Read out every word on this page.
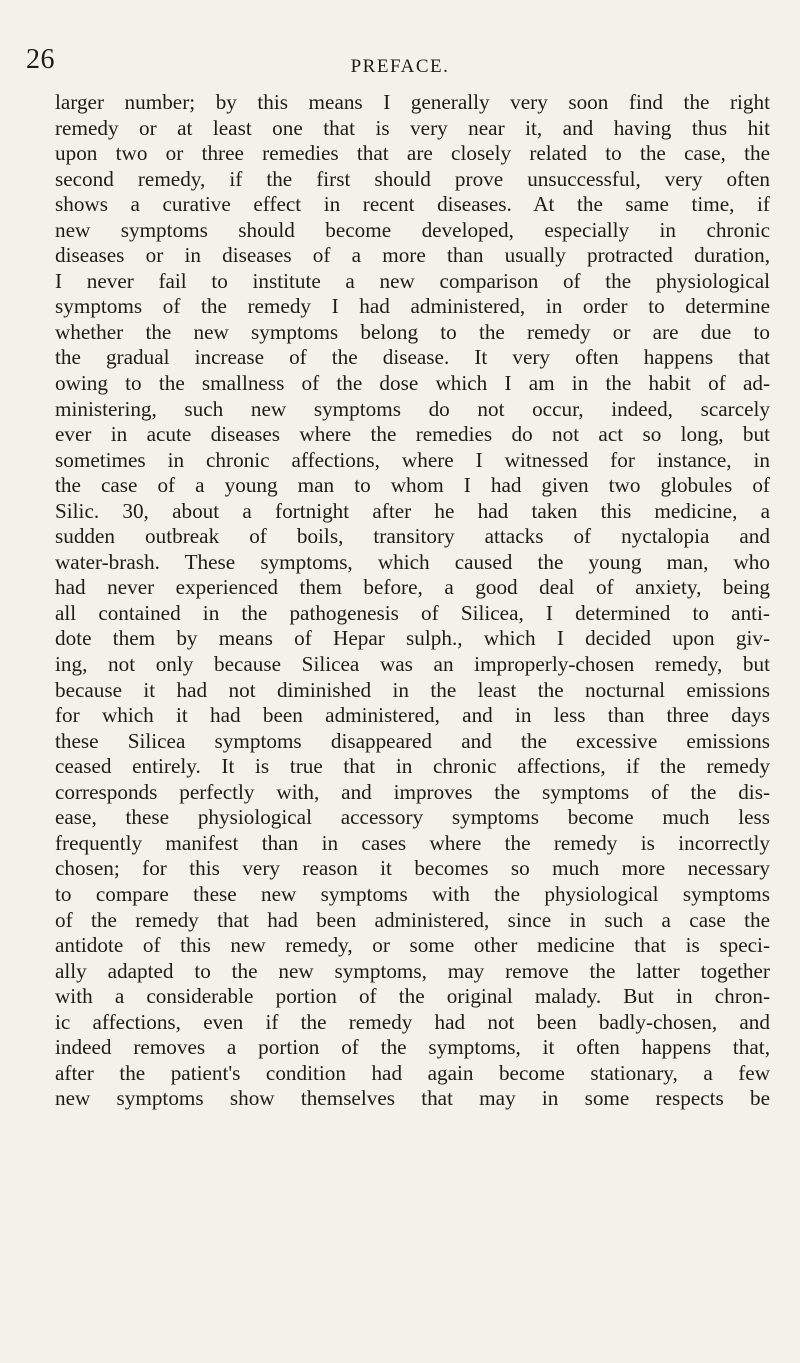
26	PREFACE.
larger number; by this means I generally very soon find the right
remedy or at least one that is very near it, and having thus hit
upon two or three remedies that are closely related to the case, the
second remedy, if the first should prove unsuccessful, very often
shows a curative effect in recent diseases. At the same time, if
new symptoms should become developed, especially in chronic
diseases or in diseases of a more than usually protracted duration,
I never fail to institute a new comparison of the physiological
symptoms of the remedy I had administered, in order to determine
whether the new symptoms belong to the remedy or are due to
the gradual increase of the disease. It very often happens that
owing to the smallness of the dose which I am in the habit of ad-
ministering, such new symptoms do not occur, indeed, scarcely
ever in acute diseases where the remedies do not act so long, but
sometimes in chronic affections, where I witnessed for instance, in
the case of a young man to whom I had given two globules of
Silic. 30, about a fortnight after he had taken this medicine, a
sudden outbreak of boils, transitory attacks of nyctalopia and
water-brash. These symptoms, which caused the young man, who
had never experienced them before, a good deal of anxiety, being
all contained in the pathogenesis of Silicea, I determined to anti-
dote them by means of Hepar sulph., which I decided upon giv-
ing, not only because Silicea was an improperly-chosen remedy, but
because it had not diminished in the least the nocturnal emissions
for which it had been administered, and in less than three days
these Silicea symptoms disappeared and the excessive emissions
ceased entirely. It is true that in chronic affections, if the remedy
corresponds perfectly with, and improves the symptoms of the dis-
ease, these physiological accessory symptoms become much less
frequently manifest than in cases where the remedy is incorrectly
chosen; for this very reason it becomes so much more necessary
to compare these new symptoms with the physiological symptoms
of the remedy that had been administered, since in such a case the
antidote of this new remedy, or some other medicine that is speci-
ally adapted to the new symptoms, may remove the latter together
with a considerable portion of the original malady. But in chron-
ic affections, even if the remedy had not been badly-chosen, and
indeed removes a portion of the symptoms, it often happens that,
after the patient's condition had again become stationary, a few
new symptoms show themselves that may in some respects be
